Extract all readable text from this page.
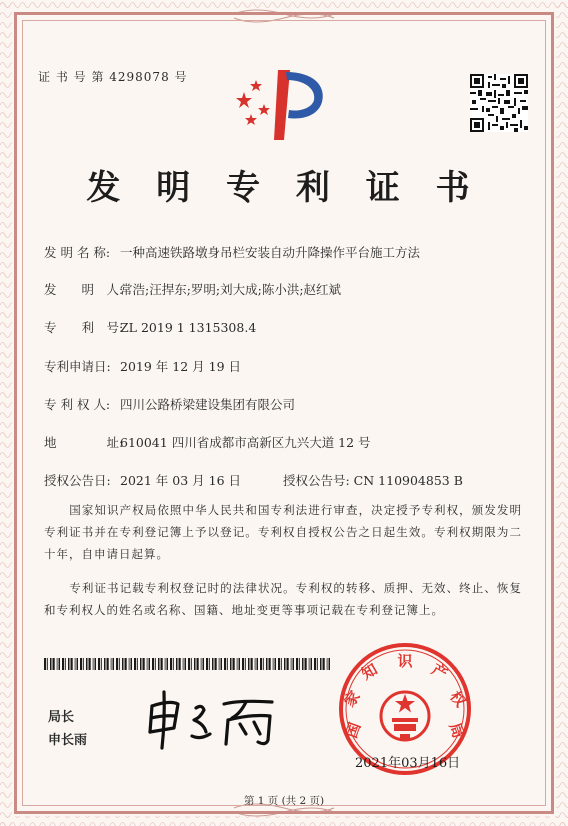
证 书 号 第 4298078 号
发 明 专 利 证 书
发 明 名 称: 一种高速铁路墩身吊栏安装自动升降操作平台施工方法
发　　明　人:常浩;汪捍东;罗明;刘大成;陈小洪;赵红斌
专　　利　号:ZL 2019 1 1315308.4
专利申请日: 2019 年 12 月 19 日
专 利 权 人: 四川公路桥梁建设集团有限公司
地　　　　址:610041 四川省成都市高新区九兴大道 12 号
授权公告日: 2021 年 03 月 16 日	授权公告号: CN 110904853 B
国家知识产权局依照中华人民共和国专利法进行审查，决定授予专利权，颁发发明专利证书并在专利登记簿上予以登记。专利权自授权公告之日起生效。专利权期限为二十年，自申请日起算。
专利证书记载专利权登记时的法律状况。专利权的转移、质押、无效、终止、恢复和专利权人的姓名或名称、国籍、地址变更等事项记载在专利登记簿上。
局长
申长雨
国
家
知 识 产
权
局
2021年03月16日
第 1 页 (共 2 页)
